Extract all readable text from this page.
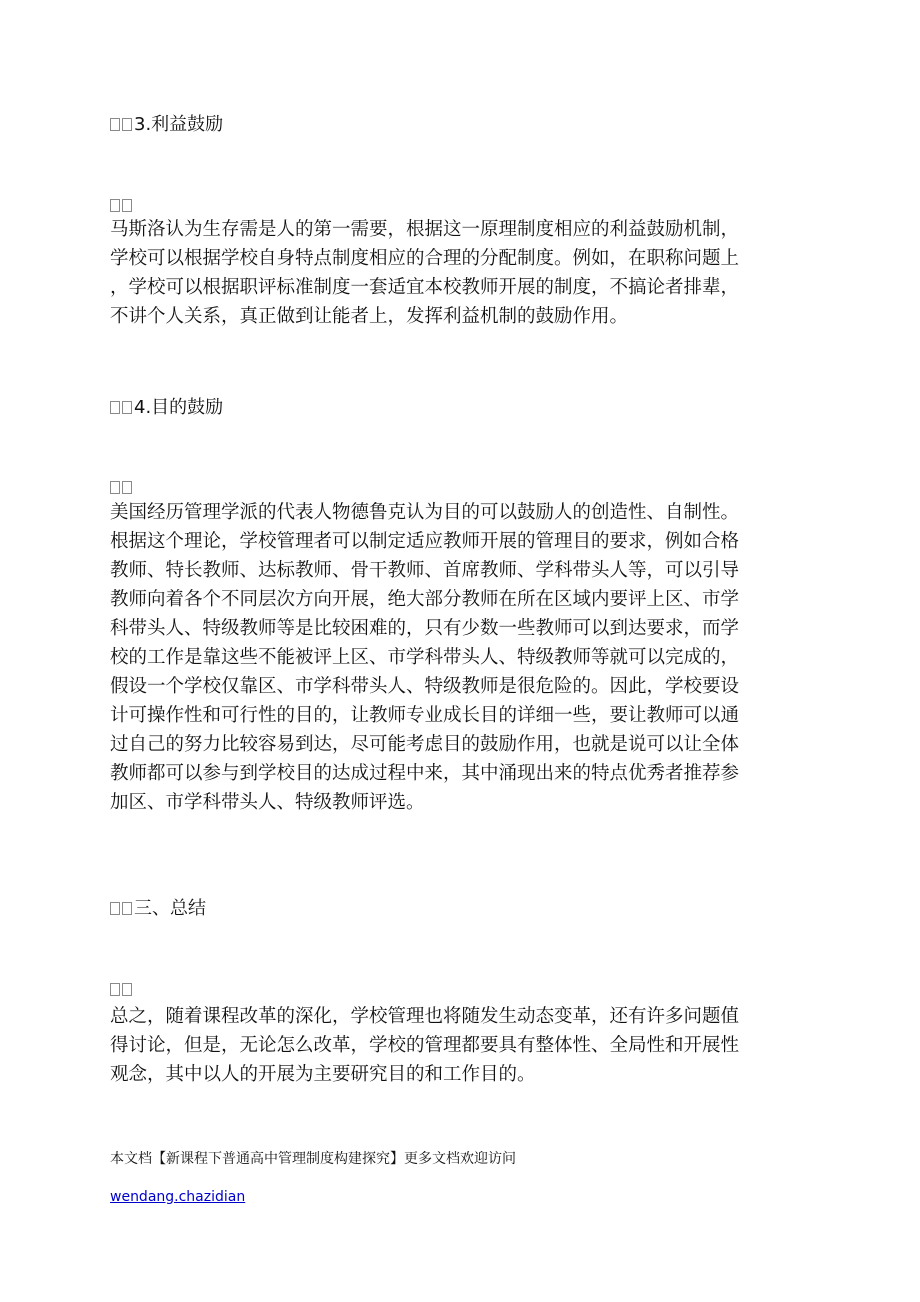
3.利益鼓励
马斯洛认为生存需是人的第一需要，根据这一原理制度相应的利益鼓励机制，
学校可以根据学校自身特点制度相应的合理的分配制度。例如，在职称问题上
，学校可以根据职评标准制度一套适宜本校教师开展的制度，不搞论者排辈，
不讲个人关系，真正做到让能者上，发挥利益机制的鼓励作用。
4.目的鼓励
美国经历管理学派的代表人物德鲁克认为目的可以鼓励人的创造性、自制性。
根据这个理论，学校管理者可以制定适应教师开展的管理目的要求，例如合格
教师、特长教师、达标教师、骨干教师、首席教师、学科带头人等，可以引导
教师向着各个不同层次方向开展，绝大部分教师在所在区域内要评上区、市学
科带头人、特级教师等是比较困难的，只有少数一些教师可以到达要求，而学
校的工作是靠这些不能被评上区、市学科带头人、特级教师等就可以完成的，
假设一个学校仅靠区、市学科带头人、特级教师是很危险的。因此，学校要设
计可操作性和可行性的目的，让教师专业成长目的详细一些，要让教师可以通
过自己的努力比较容易到达，尽可能考虑目的鼓励作用，也就是说可以让全体
教师都可以参与到学校目的达成过程中来，其中涌现出来的特点优秀者推荐参
加区、市学科带头人、特级教师评选。
三、总结
总之，随着课程改革的深化，学校管理也将随发生动态变革，还有许多问题值
得讨论，但是，无论怎么改革，学校的管理都要具有整体性、全局性和开展性
观念，其中以人的开展为主要研究目的和工作目的。
本文档【新课程下普通高中管理制度构建探究】更多文档欢迎访问
wendang.chazidian
